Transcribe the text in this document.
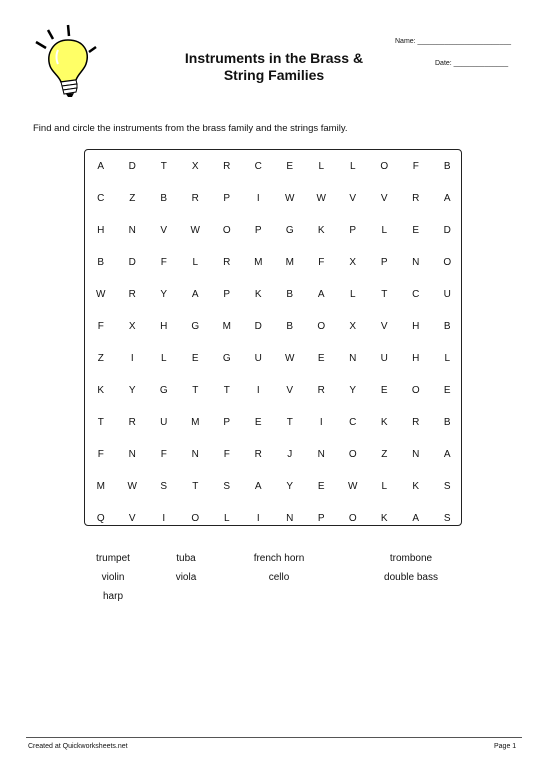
Instruments in the Brass &
String Families
Name: ________________________
Date: ______________
Find and circle the instruments from the brass family and the strings family.
A	D	T	X	R	C	E	L	L	O	F	B
C	Z	B	R	P	I	W	W	V	V	R	A
H	N	V	W	O	P	G	K	P	L	E	D
B	D	F	L	R	M	M	F	X	P	N	O
W	R	Y	A	P	K	B	A	L	T	C	U
F	X	H	G	M	D	B	O	X	V	H	B
Z	I	L	E	G	U	W	E	N	U	H	L
K	Y	G	T	T	I	V	R	Y	E	O	E
T	R	U	M	P	E	T	I	C	K	R	B
F	N	F	N	F	R	J	N	O	Z	N	A
M	W	S	T	S	A	Y	E	W	L	K	S
Q	V	I	O	L	I	N	P	O	K	A	S
trumpet	tuba	french horn	trombone
violin	viola	cello	double bass
harp
Created at Quickworksheets.net	Page 1
